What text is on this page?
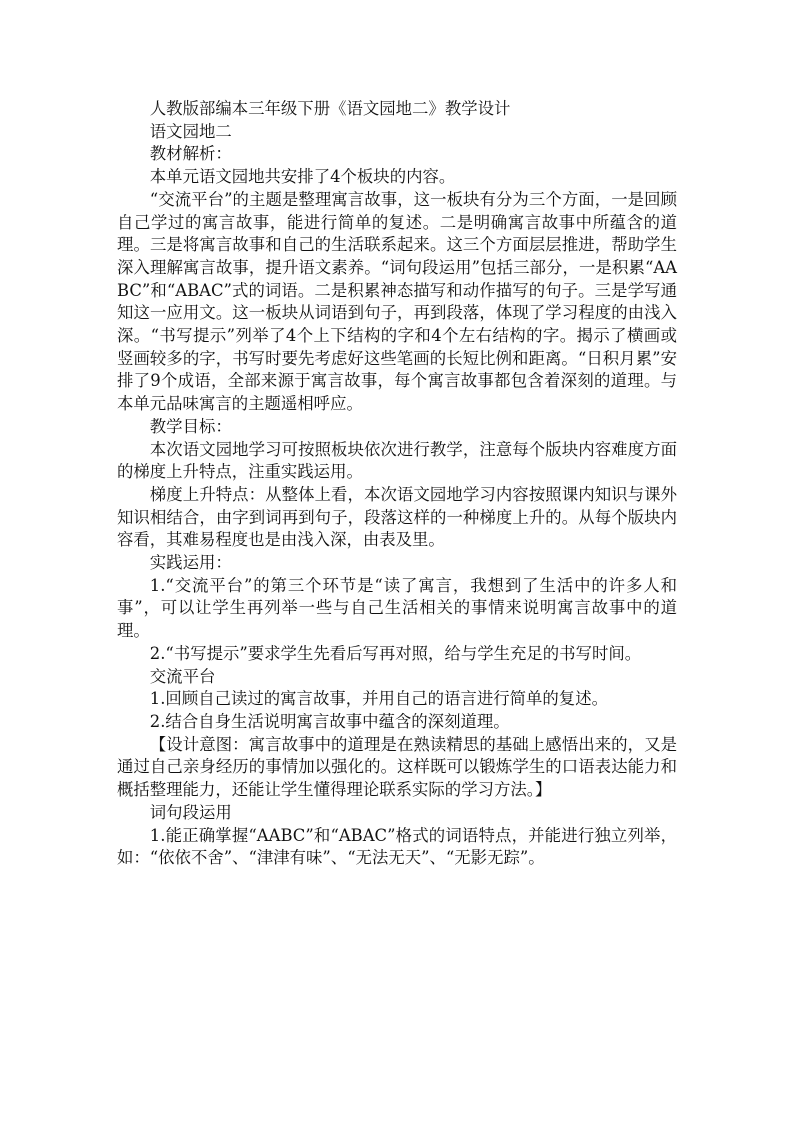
人教版部编本三年级下册《语文园地二》教学设计

语文园地二

教材解析：

本单元语文园地共安排了4个板块的内容。

“交流平台”的主题是整理寓言故事，这一板块有分为三个方面，一是回顾自己学过的寓言故事，能进行简单的复述。二是明确寓言故事中所蕴含的道理。三是将寓言故事和自己的生活联系起来。这三个方面层层推进，帮助学生深入理解寓言故事，提升语文素养。“词句段运用”包括三部分，一是积累“AABC”和“ABAC”式的词语。二是积累神态描写和动作描写的句子。三是学写通知这一应用文。这一板块从词语到句子，再到段落，体现了学习程度的由浅入深。“书写提示”列举了4个上下结构的字和4个左右结构的字。揭示了横画或竖画较多的字，书写时要先考虑好这些笔画的长短比例和距离。“日积月累”安排了9个成语，全部来源于寓言故事，每个寓言故事都包含着深刻的道理。与本单元品味寓言的主题遥相呼应。

教学目标：

本次语文园地学习可按照板块依次进行教学，注意每个版块内容难度方面的梯度上升特点，注重实践运用。

梯度上升特点：从整体上看，本次语文园地学习内容按照课内知识与课外知识相结合，由字到词再到句子，段落这样的一种梯度上升的。从每个版块内容看，其难易程度也是由浅入深，由表及里。

实践运用：

1.“交流平台”的第三个环节是“读了寓言，我想到了生活中的许多人和事”，可以让学生再列举一些与自己生活相关的事情来说明寓言故事中的道理。

2.“书写提示”要求学生先看后写再对照，给与学生充足的书写时间。

交流平台

1.回顾自己读过的寓言故事，并用自己的语言进行简单的复述。

2.结合自身生活说明寓言故事中蕴含的深刻道理。

【设计意图：寓言故事中的道理是在熟读精思的基础上感悟出来的，又是通过自己亲身经历的事情加以强化的。这样既可以锻炼学生的口语表达能力和概括整理能力，还能让学生懂得理论联系实际的学习方法。】

词句段运用

1.能正确掌握“AABC”和“ABAC”格式的词语特点，并能进行独立列举，如：“依依不舍”、“津津有味”、“无法无天”、“无影无踪”。
